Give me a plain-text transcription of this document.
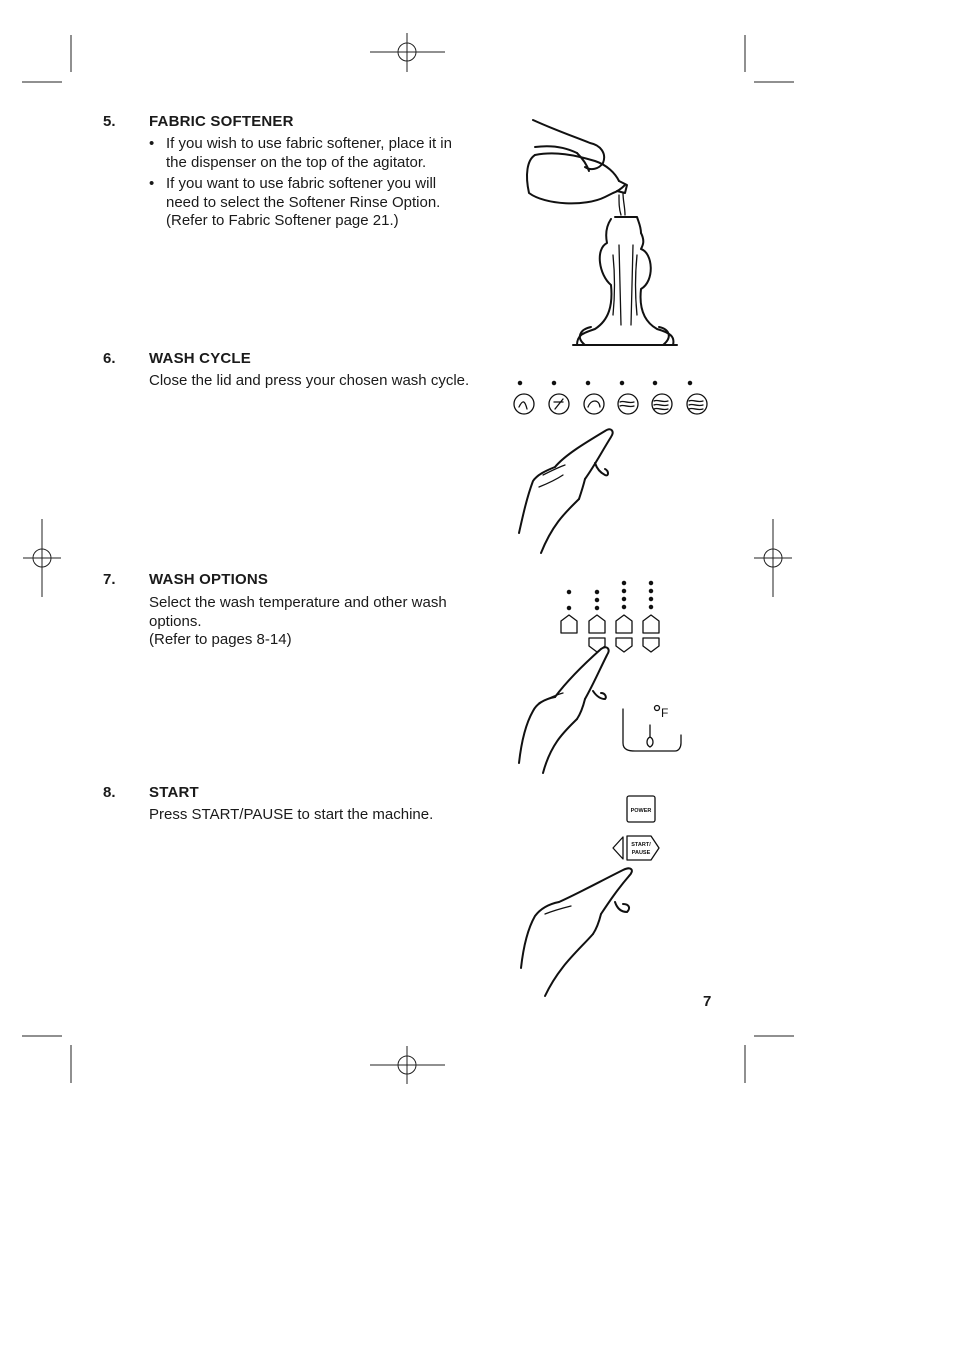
5. FABRIC SOFTENER
• If you wish to use fabric softener, place it in the dispenser on the top of the agitator.
• If you want to use fabric softener you will need to select the Softener Rinse Option. (Refer to Fabric Softener page 21.)
6. WASH CYCLE
Close the lid and press your chosen wash cycle.
7. WASH OPTIONS
Select the wash temperature and other wash
options.
(Refer to pages 8-14)
F
8. START
Press START/PAUSE to start the machine.	POWER
START/
PAUSE
7
